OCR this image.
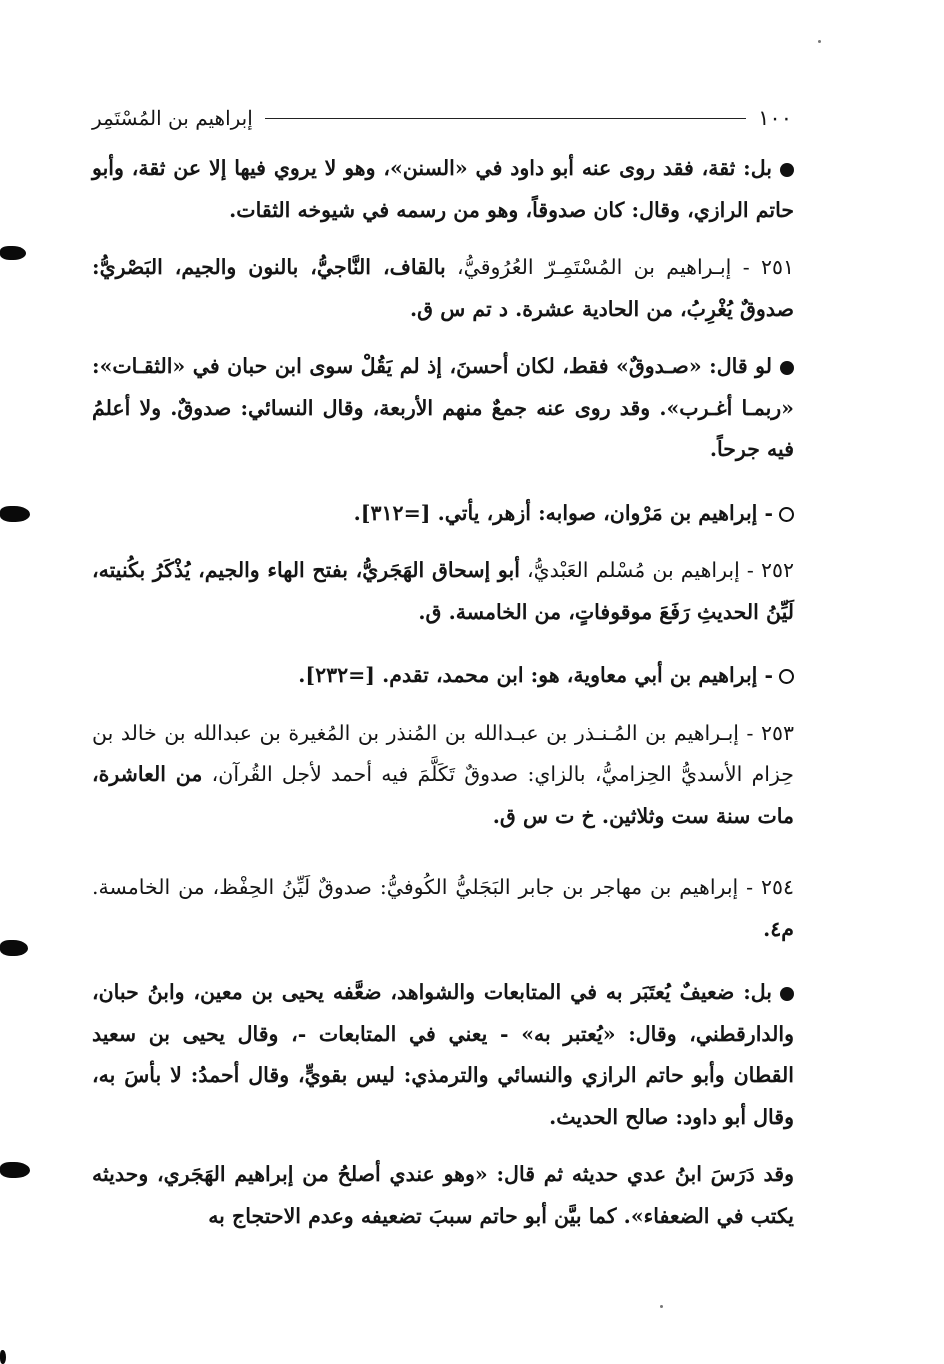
١٠٠
إبراهيم بن المُسْتَمِر

بل: ثقة، فقد روى عنه أبو داود في «السنن»، وهو لا يروي فيها إلا عن ثقة، وأبو حاتم الرازي، وقال: كان صدوقاً، وهو من رسمه في شيوخه الثقات.

٢٥١ - إبـراهيم بن المُسْتَمِـرّ العُرُوقيُّ، بالقاف، النَّاجيُّ، بالنون والجيم، البَصْريُّ: صدوقٌ يُغْرِبُ، من الحادية عشرة. د تم س ق.

لو قال: «صـدوقٌ» فقط، لكان أحسنَ، إذ لم يَقُلْ سوى ابن حبان في «الثقـات»: «ربمـا أغـرب». وقد روى عنه جمعٌ منهم الأربعة، وقال النسائي: صدوقٌ. ولا أعلمُ فيه جرحاً.

- إبراهيم بن مَرْوان، صوابه: أزهر، يأتي. [=٣١٢].

٢٥٢ - إبراهيم بن مُسْلم العَبْديُّ، أبو إسحاق الهَجَريُّ، بفتح الهاء والجيم، يُذْكَرُ بكُنيته، لَيِّنُ الحديثِ رَفَعَ موقوفاتٍ، من الخامسة. ق.

- إبراهيم بن أبي معاوية، هو: ابن محمد، تقدم. [=٢٣٢].

٢٥٣ - إبـراهيم بن المُـنـذر بن عبـدالله بن المُنذر بن المُغيرة بن عبدالله بن خالد بن حِزام الأسديُّ الحِزاميُّ، بالزاي: صدوقٌ تَكَلَّمَ فيه أحمد لأجل القُرآن، من العاشرة، مات سنة ست وثلاثين. خ ت س ق.

٢٥٤ - إبراهيم بن مهاجر بن جابر البَجَليُّ الكُوفيُّ: صدوقٌ لَيِّنُ الحِفْظ، من الخامسة. م٤.

بل: ضعيفٌ يُعتَبَر به في المتابعات والشواهد، ضعَّفه يحيى بن معين، وابنُ حبان، والدارقطني، وقال: «يُعتبر به» - يعني في المتابعات -، وقال يحيى بن سعيد القطان وأبو حاتم الرازي والنسائي والترمذي: ليس بقويٍّ، وقال أحمدُ: لا بأسَ به، وقال أبو داود: صالح الحديث.

وقد دَرَسَ ابنُ عدي حديثه ثم قال: «وهو عندي أصلحُ من إبراهيم الهَجَري، وحديثه يكتب في الضعفاء». كما بيَّن أبو حاتم سببَ تضعيفه وعدم الاحتجاج به
